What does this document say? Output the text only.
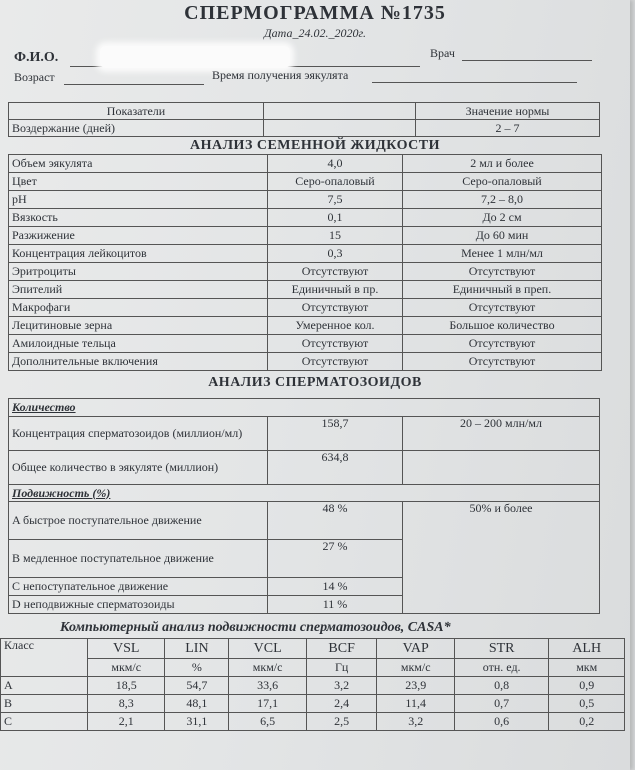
СПЕРМОГРАММА №1735
Дата_24.02._2020г.
Ф.И.О.	Врач
Возраст	Время получения эякулята
Показатели		Значение нормы
Воздержание (дней)		2 – 7
АНАЛИЗ СЕМЕННОЙ ЖИДКОСТИ
Объем эякулята	4,0	2 мл и более
Цвет	Серо-опаловый	Серо-опаловый
pH	7,5	7,2 – 8,0
Вязкость	0,1	До 2 см
Разжижение	15	До 60 мин
Концентрация лейкоцитов	0,3	Менее 1 млн/мл
Эритроциты	Отсутствуют	Отсутствуют
Эпителий	Единичный в пр.	Единичный в преп.
Макрофаги	Отсутствуют	Отсутствуют
Лецитиновые зерна	Умеренное кол.	Большое количество
Амилоидные тельца	Отсутствуют	Отсутствуют
Дополнительные включения	Отсутствуют	Отсутствуют
АНАЛИЗ СПЕРМАТОЗОИДОВ
Количество		
Концентрация сперматозоидов (миллион/мл)	158,7	20 – 200 млн/мл
Общее количество в эякуляте (миллион)	634,8	
Подвижность (%)		
A быстрое поступательное движение	48 %	50% и более
B медленное поступательное движение	27 %	
C непоступательное движение	14 %	
D неподвижные сперматозоиды	11 %	
Компьютерный анализ подвижности сперматозоидов, CASA*
Класс	VSL	LIN	VCL	BCF	VAP	STR	ALH
	мкм/с	%	мкм/с	Гц	мкм/с	отн. ед.	мкм
A	18,5	54,7	33,6	3,2	23,9	0,8	0,9
B	8,3	48,1	17,1	2,4	11,4	0,7	0,5
C	2,1	31,1	6,5	2,5	3,2	0,6	0,2
